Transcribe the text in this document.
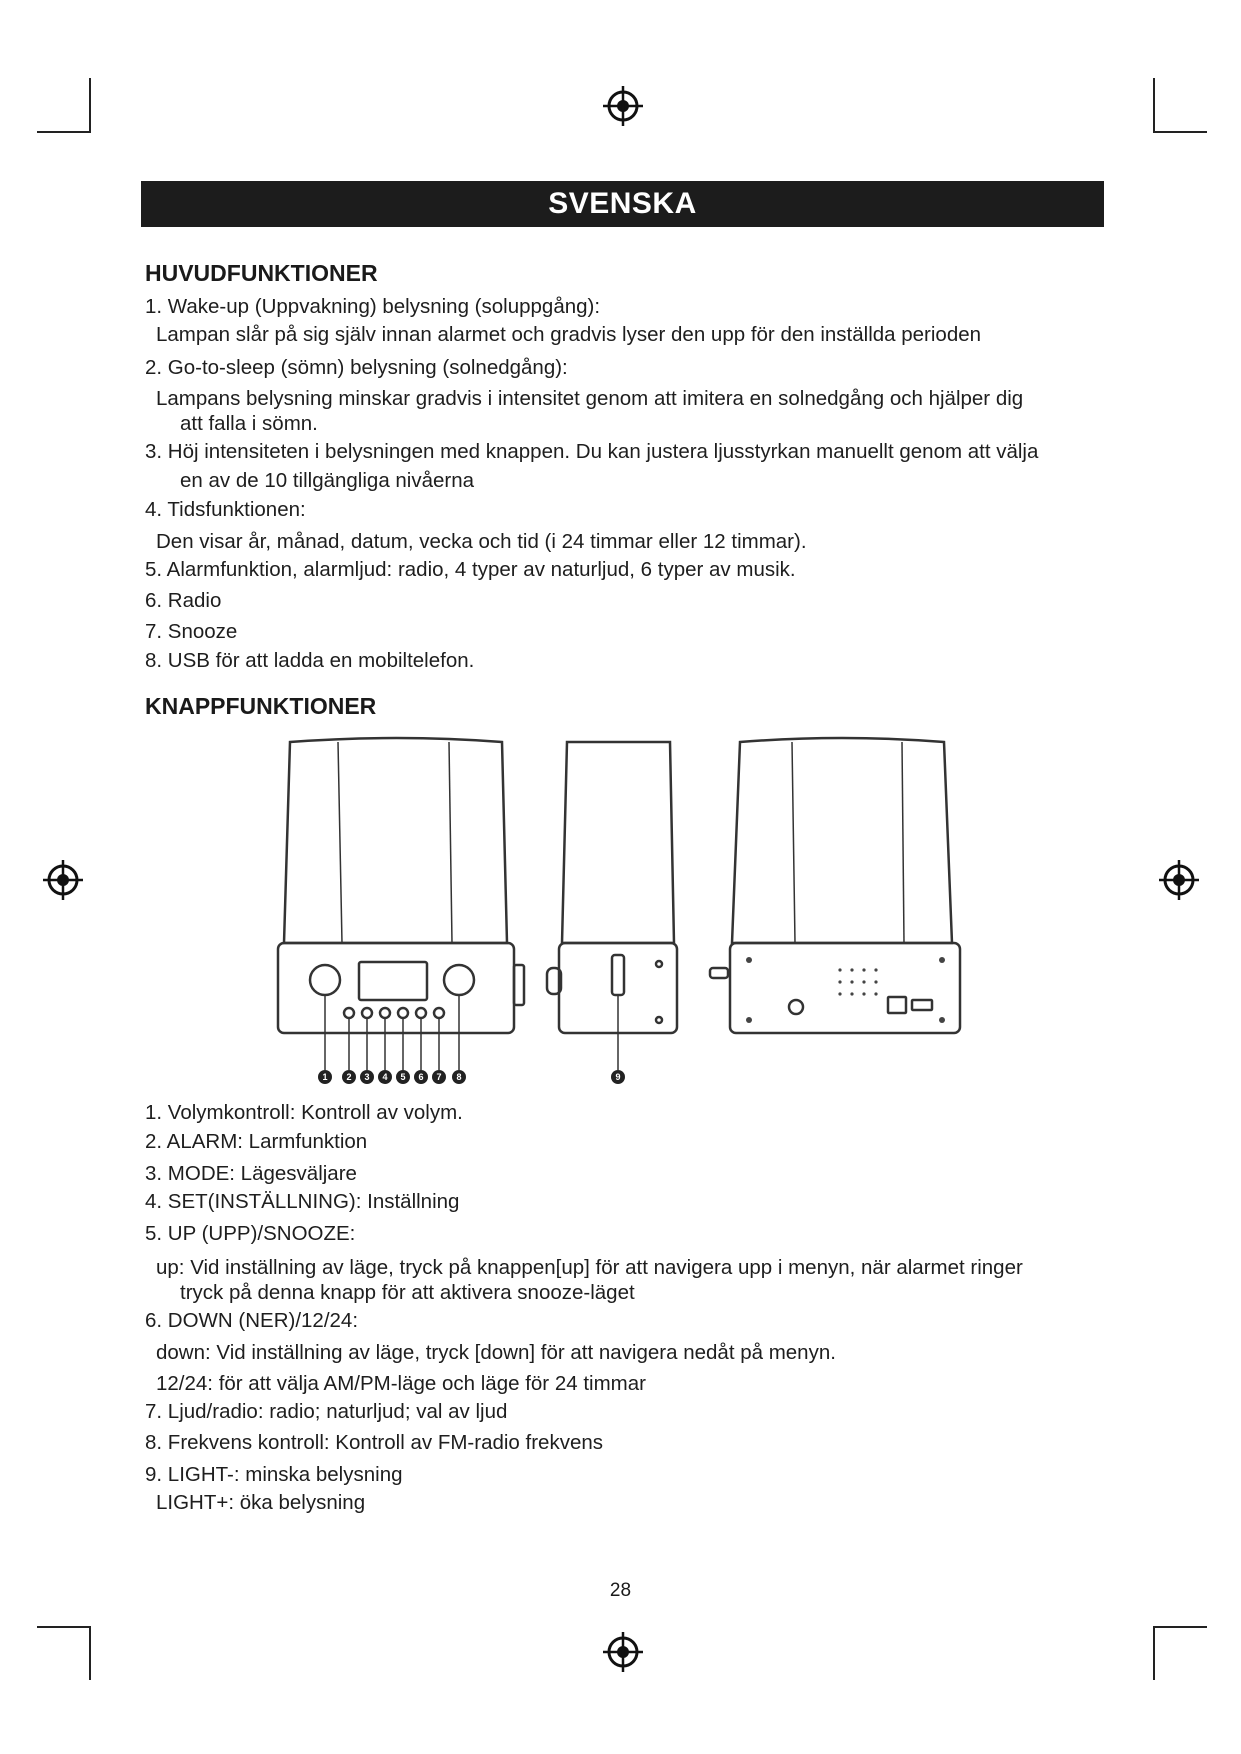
SVENSKA
HUVUDFUNKTIONER
1. Wake-up (Uppvakning) belysning (soluppgång):
Lampan slår på sig själv innan alarmet och gradvis lyser den upp för den inställda perioden
2. Go-to-sleep (sömn) belysning (solnedgång):
Lampans belysning minskar gradvis i intensitet genom att imitera en solnedgång och hjälper dig
att falla i sömn.
3. Höj intensiteten i belysningen med knappen. Du kan justera ljusstyrkan manuellt genom att välja
en av de 10 tillgängliga nivåerna
4. Tidsfunktionen:
Den visar år, månad, datum, vecka och tid (i 24 timmar eller 12 timmar).
5. Alarmfunktion, alarmljud: radio, 4 typer av naturljud, 6 typer av musik.
6. Radio
7. Snooze
8. USB för att ladda en mobiltelefon.
KNAPPFUNKTIONER
1 2 3 4 5 6 7 8	9
1. Volymkontroll: Kontroll av volym.
2. ALARM: Larmfunktion
3. MODE: Lägesväljare
4. SET(INSTÄLLNING): Inställning
5. UP (UPP)/SNOOZE:
up: Vid inställning av läge, tryck på knappen[up] för att navigera upp i menyn, när alarmet ringer
tryck på denna knapp för att aktivera snooze-läget
6. DOWN (NER)/12/24:
down: Vid inställning av läge, tryck [down] för att navigera nedåt på menyn.
12/24: för att välja AM/PM-läge och läge för 24 timmar
7. Ljud/radio: radio; naturljud; val av ljud
8. Frekvens kontroll: Kontroll av FM-radio frekvens
9. LIGHT-: minska belysning
LIGHT+: öka belysning
28
